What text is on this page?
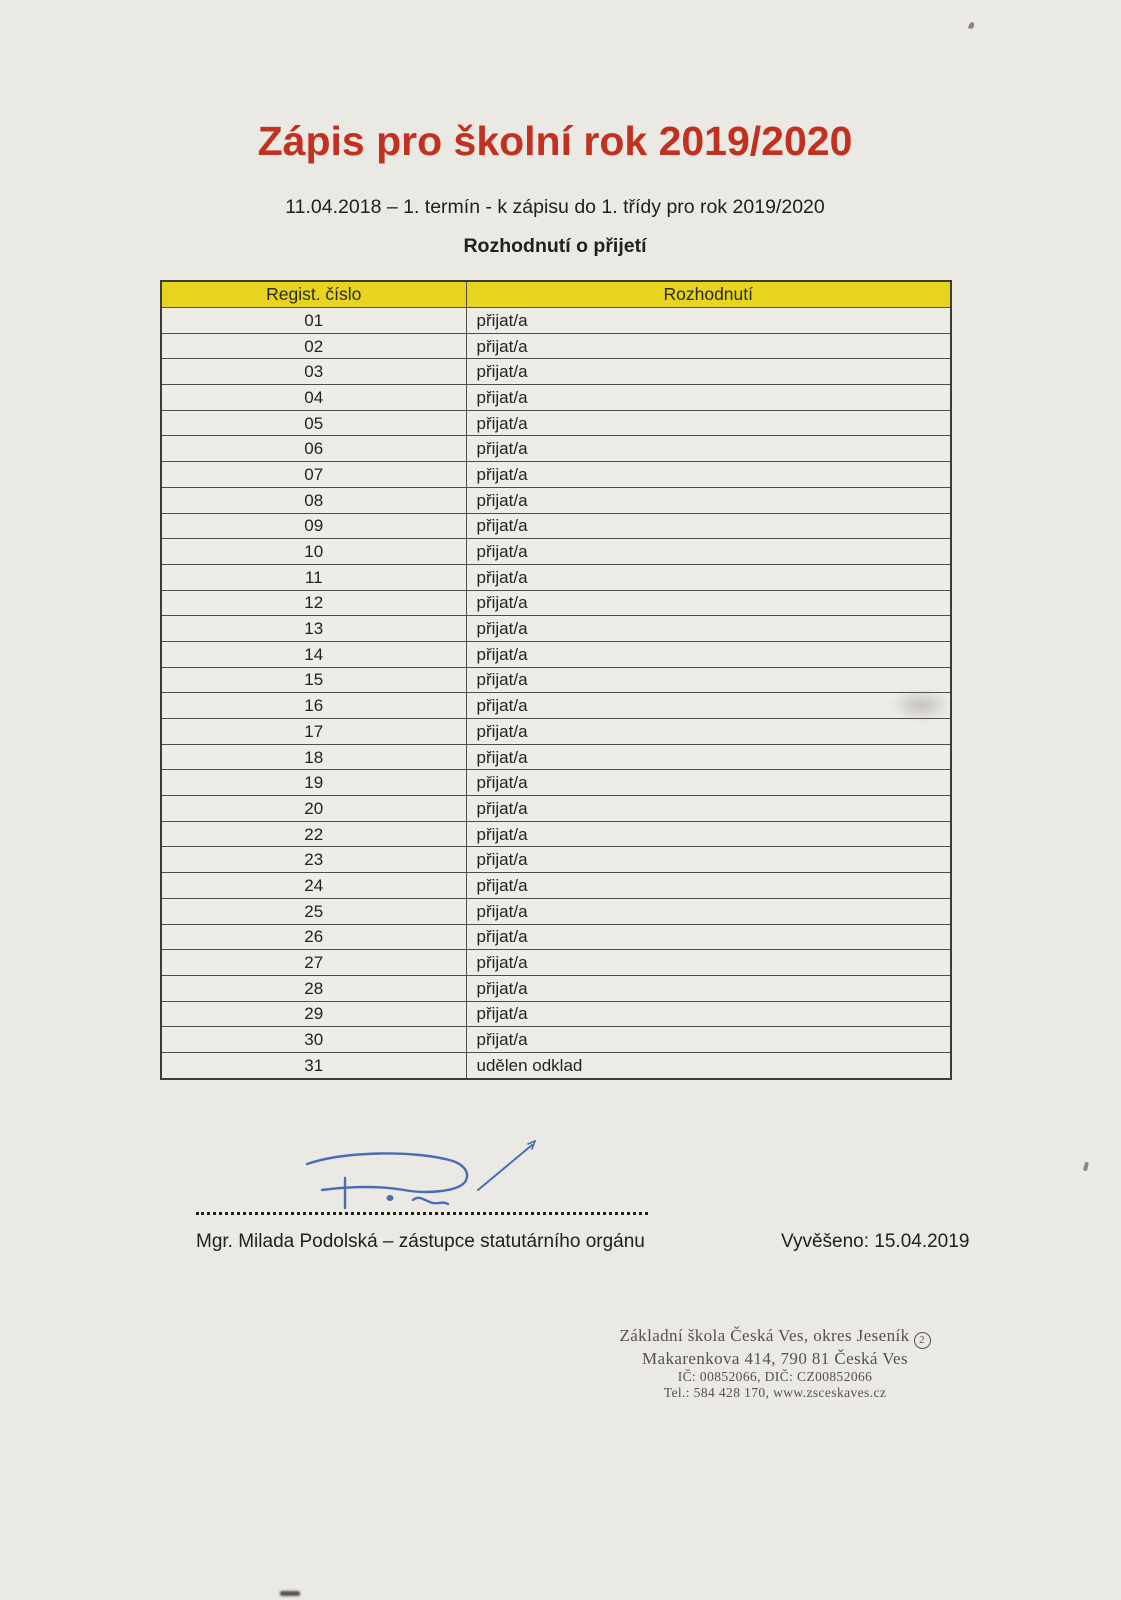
Zápis pro školní rok 2019/2020

11.04.2018 – 1. termín - k zápisu do 1. třídy pro rok 2019/2020

Rozhodnutí o přijetí

Regist. číslo	Rozhodnutí
01	přijat/a
02	přijat/a
03	přijat/a
04	přijat/a
05	přijat/a
06	přijat/a
07	přijat/a
08	přijat/a
09	přijat/a
10	přijat/a
11	přijat/a
12	přijat/a
13	přijat/a
14	přijat/a
15	přijat/a
16	přijat/a
17	přijat/a
18	přijat/a
19	přijat/a
20	přijat/a
22	přijat/a
23	přijat/a
24	přijat/a
25	přijat/a
26	přijat/a
27	přijat/a
28	přijat/a
29	přijat/a
30	přijat/a
31	udělen odklad
Mgr. Milada Podolská – zástupce statutárního orgánu	Vyvěšeno: 15.04.2019
Základní škola Česká Ves, okres Jeseník 2
Makarenkova 414, 790 81 Česká Ves
IČ: 00852066, DIČ: CZ00852066
Tel.: 584 428 170, www.zsceskaves.cz
